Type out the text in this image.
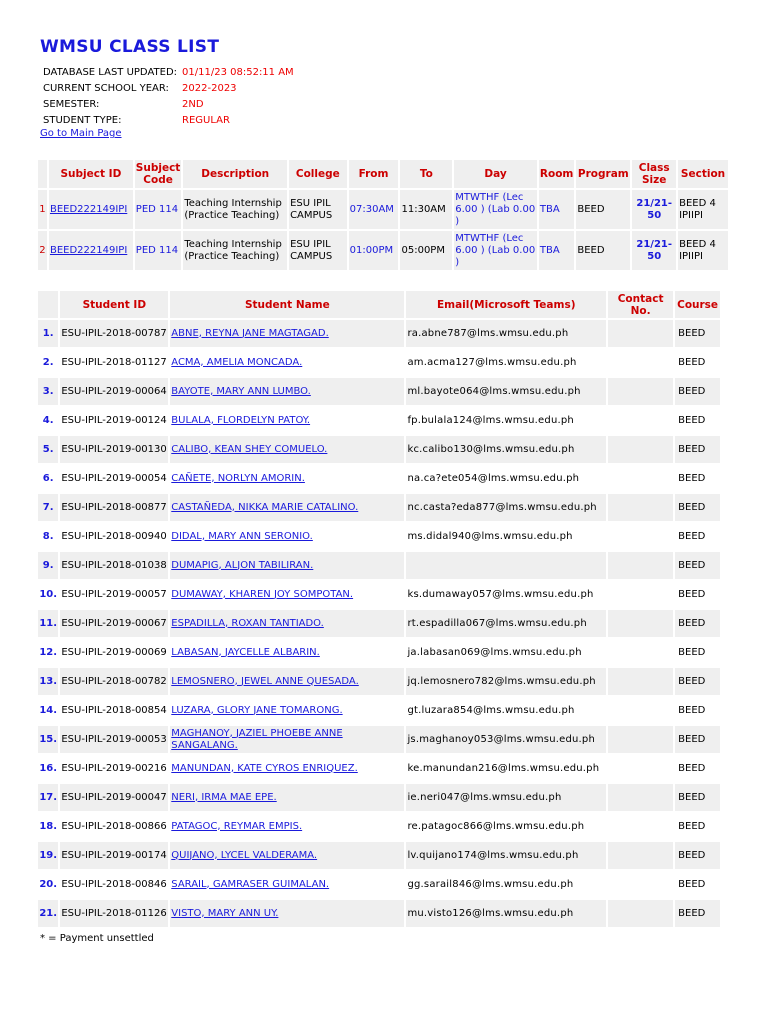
WMSU CLASS LIST
DATABASE LAST UPDATED:	01/11/23 08:52:11 AM
CURRENT SCHOOL YEAR:	2022-2023
SEMESTER:	2ND
STUDENT TYPE:	REGULAR
Go to Main Page
	Subject ID	Subject Code	Description	College	From	To	Day	Room	Program	Class Size	Section
1	BEED222149IPI	PED 114	Teaching Internship (Practice Teaching)	ESU IPIL CAMPUS	07:30AM	11:30AM	MTWTHF (Lec 6.00 ) (Lab 0.00 )	TBA	BEED	21/21-50	BEED 4 IPIIPI
2	BEED222149IPI	PED 114	Teaching Internship (Practice Teaching)	ESU IPIL CAMPUS	01:00PM	05:00PM	MTWTHF (Lec 6.00 ) (Lab 0.00 )	TBA	BEED	21/21-50	BEED 4 IPIIPI
	Student ID	Student Name	Email(Microsoft Teams)	Contact No.	Course
1.	ESU-IPIL-2018-00787	ABNE, REYNA JANE MAGTAGAD.	ra.abne787@lms.wmsu.edu.ph		BEED
2.	ESU-IPIL-2018-01127	ACMA, AMELIA MONCADA.	am.acma127@lms.wmsu.edu.ph		BEED
3.	ESU-IPIL-2019-00064	BAYOTE, MARY ANN LUMBO.	ml.bayote064@lms.wmsu.edu.ph		BEED
4.	ESU-IPIL-2019-00124	BULALA, FLORDELYN PATOY.	fp.bulala124@lms.wmsu.edu.ph		BEED
5.	ESU-IPIL-2019-00130	CALIBO, KEAN SHEY COMUELO.	kc.calibo130@lms.wmsu.edu.ph		BEED
6.	ESU-IPIL-2019-00054	CAÑETE, NORLYN AMORIN.	na.ca?ete054@lms.wmsu.edu.ph		BEED
7.	ESU-IPIL-2018-00877	CASTAÑEDA, NIKKA MARIE CATALINO.	nc.casta?eda877@lms.wmsu.edu.ph		BEED
8.	ESU-IPIL-2018-00940	DIDAL, MARY ANN SERONIO.	ms.didal940@lms.wmsu.edu.ph		BEED
9.	ESU-IPIL-2018-01038	DUMAPIG, ALJON TABILIRAN.			BEED
10.	ESU-IPIL-2019-00057	DUMAWAY, KHAREN JOY SOMPOTAN.	ks.dumaway057@lms.wmsu.edu.ph		BEED
11.	ESU-IPIL-2019-00067	ESPADILLA, ROXAN TANTIADO.	rt.espadilla067@lms.wmsu.edu.ph		BEED
12.	ESU-IPIL-2019-00069	LABASAN, JAYCELLE ALBARIN.	ja.labasan069@lms.wmsu.edu.ph		BEED
13.	ESU-IPIL-2018-00782	LEMOSNERO, JEWEL ANNE QUESADA.	jq.lemosnero782@lms.wmsu.edu.ph		BEED
14.	ESU-IPIL-2018-00854	LUZARA, GLORY JANE TOMARONG.	gt.luzara854@lms.wmsu.edu.ph		BEED
15.	ESU-IPIL-2019-00053	MAGHANOY, JAZIEL PHOEBE ANNE SANGALANG.	js.maghanoy053@lms.wmsu.edu.ph		BEED
16.	ESU-IPIL-2019-00216	MANUNDAN, KATE CYROS ENRIQUEZ.	ke.manundan216@lms.wmsu.edu.ph		BEED
17.	ESU-IPIL-2019-00047	NERI, IRMA MAE EPE.	ie.neri047@lms.wmsu.edu.ph		BEED
18.	ESU-IPIL-2018-00866	PATAGOC, REYMAR EMPIS.	re.patagoc866@lms.wmsu.edu.ph		BEED
19.	ESU-IPIL-2019-00174	QUIJANO, LYCEL VALDERAMA.	lv.quijano174@lms.wmsu.edu.ph		BEED
20.	ESU-IPIL-2018-00846	SARAIL, GAMRASER GUIMALAN.	gg.sarail846@lms.wmsu.edu.ph		BEED
21.	ESU-IPIL-2018-01126	VISTO, MARY ANN UY.	mu.visto126@lms.wmsu.edu.ph		BEED
* = Payment unsettled
